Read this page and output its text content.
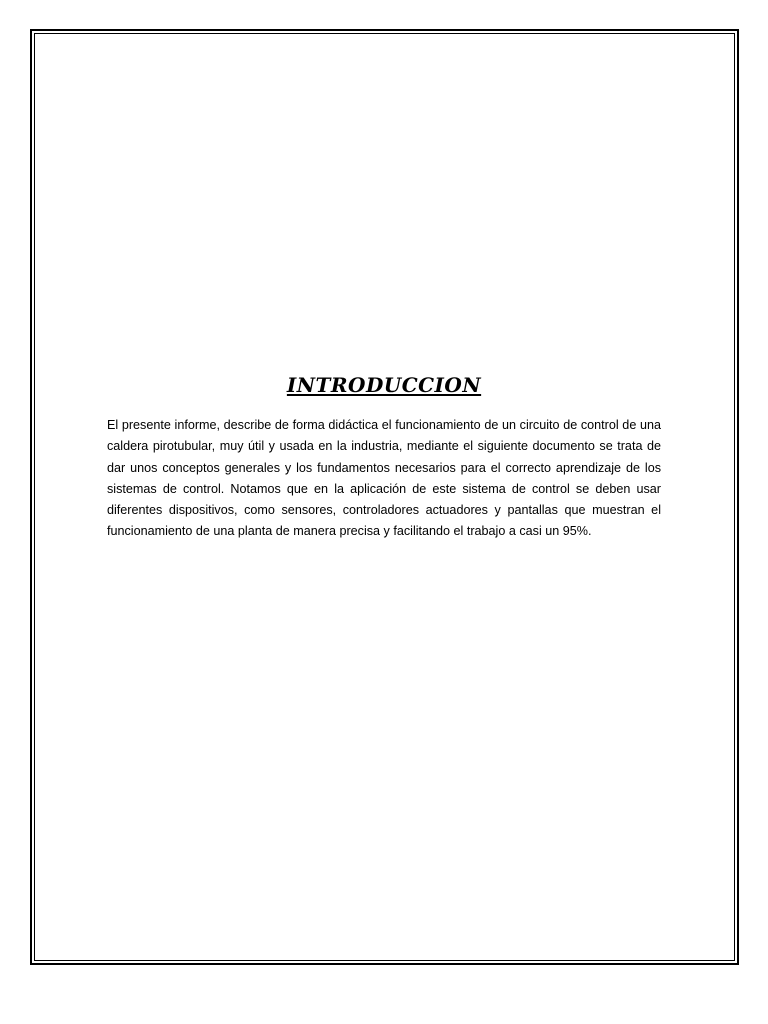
INTRODUCCION

El presente informe, describe de forma didáctica el funcionamiento de un circuito de control de una caldera pirotubular, muy útil y usada en la industria, mediante el siguiente documento se trata de dar unos conceptos generales y los fundamentos necesarios para el correcto aprendizaje de los sistemas de control. Notamos que en la aplicación de este sistema de control se deben usar diferentes dispositivos, como sensores, controladores actuadores y pantallas que muestran el funcionamiento de una planta de manera precisa y facilitando el trabajo a casi un 95%.
